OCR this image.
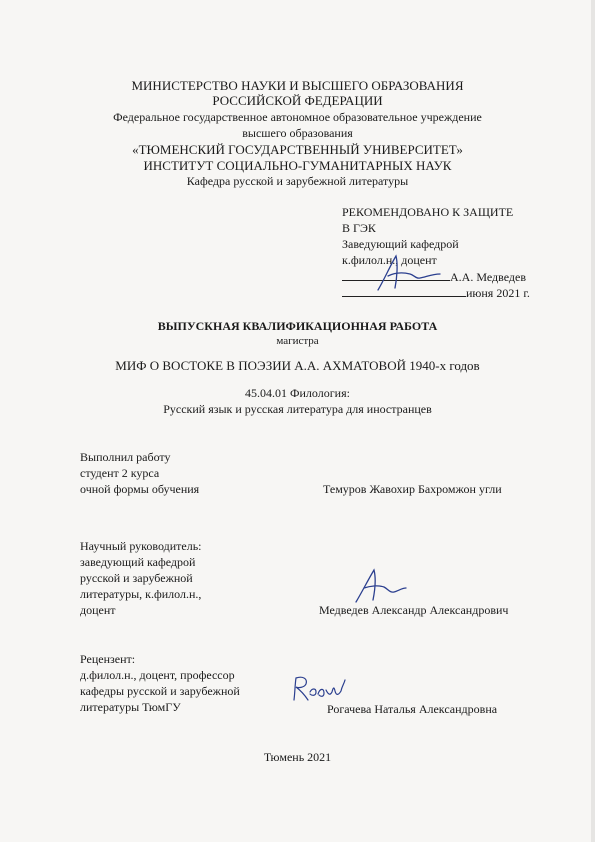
МИНИСТЕРСТВО НАУКИ И ВЫСШЕГО ОБРАЗОВАНИЯ
РОССИЙСКОЙ ФЕДЕРАЦИИ
Федеральное государственное автономное образовательное учреждение
высшего образования
«ТЮМЕНСКИЙ ГОСУДАРСТВЕННЫЙ УНИВЕРСИТЕТ»
ИНСТИТУТ СОЦИАЛЬНО-ГУМАНИТАРНЫХ НАУК
Кафедра русской и зарубежной литературы
РЕКОМЕНДОВАНО К ЗАЩИТЕ
В ГЭК
Заведующий кафедрой
к.филол.н., доцент
А.А. Медведев
июня 2021 г.
ВЫПУСКНАЯ КВАЛИФИКАЦИОННАЯ РАБОТА
магистра
МИФ О ВОСТОКЕ В ПОЭЗИИ А.А. АХМАТОВОЙ 1940-х годов
45.04.01 Филология:
Русский язык и русская литература для иностранцев
Выполнил работу
студент 2 курса
очной формы обучения	Темуров Жавохир Бахромжон угли
Научный руководитель:
заведующий кафедрой
русской и зарубежной
литературы, к.филол.н.,
доцент	Медведев Александр Александрович
Рецензент:
д.филол.н., доцент, профессор
кафедры русской и зарубежной
литературы ТюмГУ	Рогачева Наталья Александровна
Тюмень 2021
